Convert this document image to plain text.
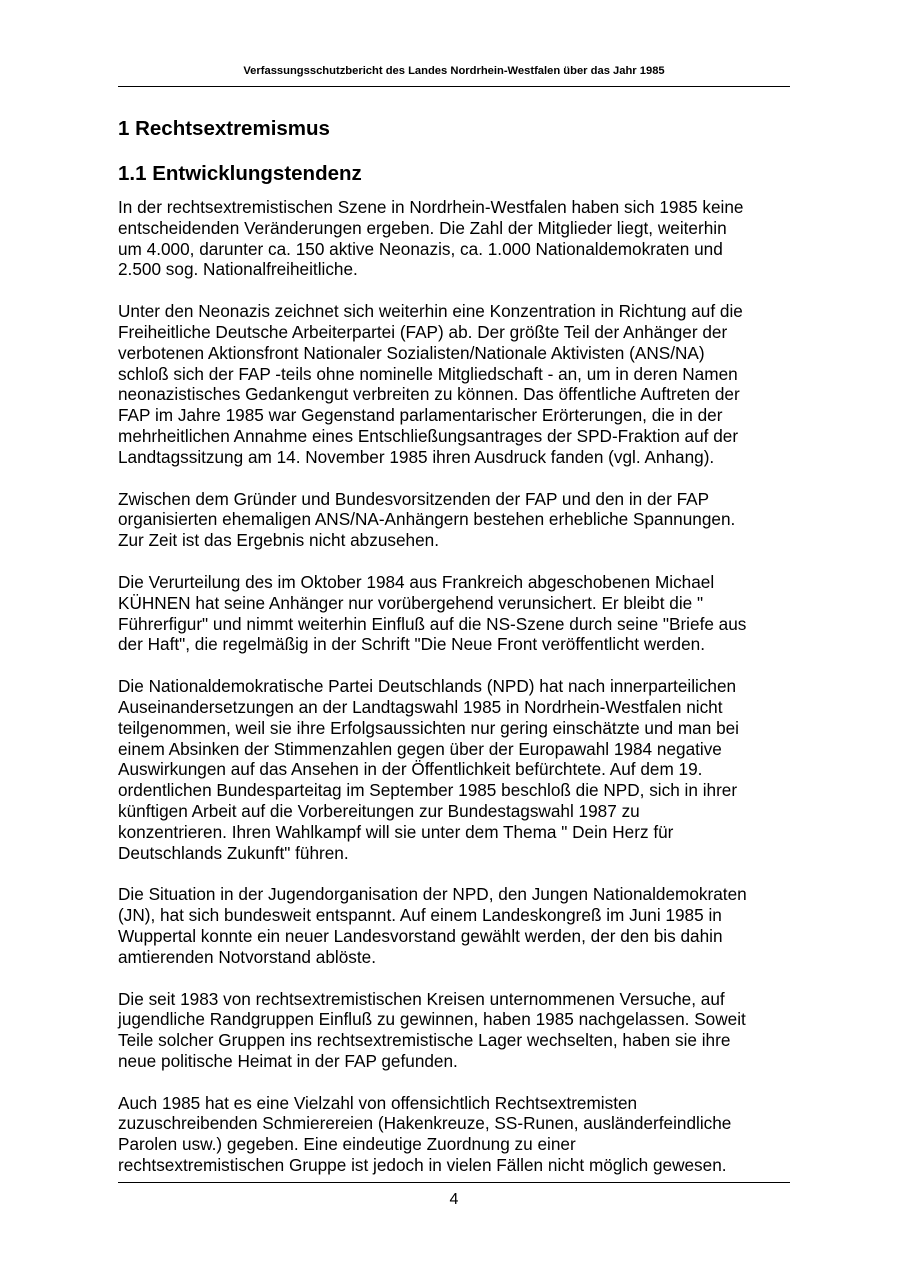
Verfassungsschutzbericht des Landes Nordrhein-Westfalen über das Jahr 1985
1 Rechtsextremismus
1.1 Entwicklungstendenz

In der rechtsextremistischen Szene in Nordrhein-Westfalen haben sich 1985 keine
entscheidenden Veränderungen ergeben. Die Zahl der Mitglieder liegt, weiterhin
um 4.000, darunter ca. 150 aktive Neonazis, ca. 1.000 Nationaldemokraten und
2.500 sog. Nationalfreiheitliche.

Unter den Neonazis zeichnet sich weiterhin eine Konzentration in Richtung auf die
Freiheitliche Deutsche Arbeiterpartei (FAP) ab. Der größte Teil der Anhänger der
verbotenen Aktionsfront Nationaler Sozialisten/Nationale Aktivisten (ANS/NA)
schloß sich der FAP -teils ohne nominelle Mitgliedschaft - an, um in deren Namen
neonazistisches Gedankengut verbreiten zu können. Das öffentliche Auftreten der
FAP im Jahre 1985 war Gegenstand parlamentarischer Erörterungen, die in der
mehrheitlichen Annahme eines Entschließungsantrages der SPD-Fraktion auf der
Landtagssitzung am 14. November 1985 ihren Ausdruck fanden (vgl. Anhang).

Zwischen dem Gründer und Bundesvorsitzenden der FAP und den in der FAP
organisierten ehemaligen ANS/NA-Anhängern bestehen erhebliche Spannungen.
Zur Zeit ist das Ergebnis nicht abzusehen.

Die Verurteilung des im Oktober 1984 aus Frankreich abgeschobenen Michael
KÜHNEN hat seine Anhänger nur vorübergehend verunsichert. Er bleibt die "
Führerfigur" und nimmt weiterhin Einfluß auf die NS-Szene durch seine "Briefe aus
der Haft", die regelmäßig in der Schrift "Die Neue Front veröffentlicht werden.

Die Nationaldemokratische Partei Deutschlands (NPD) hat nach innerparteilichen
Auseinandersetzungen an der Landtagswahl 1985 in Nordrhein-Westfalen nicht
teilgenommen, weil sie ihre Erfolgsaussichten nur gering einschätzte und man bei
einem Absinken der Stimmenzahlen gegen über der Europawahl 1984 negative
Auswirkungen auf das Ansehen in der Öffentlichkeit befürchtete. Auf dem 19.
ordentlichen Bundesparteitag im September 1985 beschloß die NPD, sich in ihrer
künftigen Arbeit auf die Vorbereitungen zur Bundestagswahl 1987 zu
konzentrieren. Ihren Wahlkampf will sie unter dem Thema " Dein Herz für
Deutschlands Zukunft" führen.

Die Situation in der Jugendorganisation der NPD, den Jungen Nationaldemokraten
(JN), hat sich bundesweit entspannt. Auf einem Landeskongreß im Juni 1985 in
Wuppertal konnte ein neuer Landesvorstand gewählt werden, der den bis dahin
amtierenden Notvorstand ablöste.

Die seit 1983 von rechtsextremistischen Kreisen unternommenen Versuche, auf
jugendliche Randgruppen Einfluß zu gewinnen, haben 1985 nachgelassen. Soweit
Teile solcher Gruppen ins rechtsextremistische Lager wechselten, haben sie ihre
neue politische Heimat in der FAP gefunden.

Auch 1985 hat es eine Vielzahl von offensichtlich Rechtsextremisten
zuzuschreibenden Schmierereien (Hakenkreuze, SS-Runen, ausländerfeindliche
Parolen usw.) gegeben. Eine eindeutige Zuordnung zu einer
rechtsextremistischen Gruppe ist jedoch in vielen Fällen nicht möglich gewesen.

4
